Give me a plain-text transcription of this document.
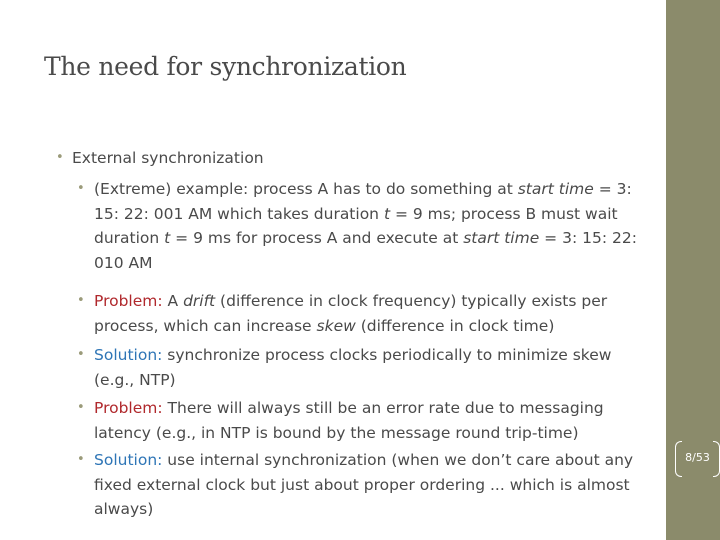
The need for synchronization
• External synchronization
• (Extreme) example: process A has to do something at start time = 3: 15: 22: 001 AM which takes duration t = 9 ms; process B must wait duration t = 9 ms for process A and execute at start time = 3: 15: 22: 010 AM
• Problem: A drift (difference in clock frequency) typically exists per process, which can increase skew (difference in clock time)
• Solution: synchronize process clocks periodically to minimize skew (e.g., NTP)
• Problem: There will always still be an error rate due to messaging latency (e.g., in NTP is bound by the message round trip-time)
• Solution: use internal synchronization (when we don’t care about any fixed external clock but just about proper ordering ... which is almost always)
8/53
